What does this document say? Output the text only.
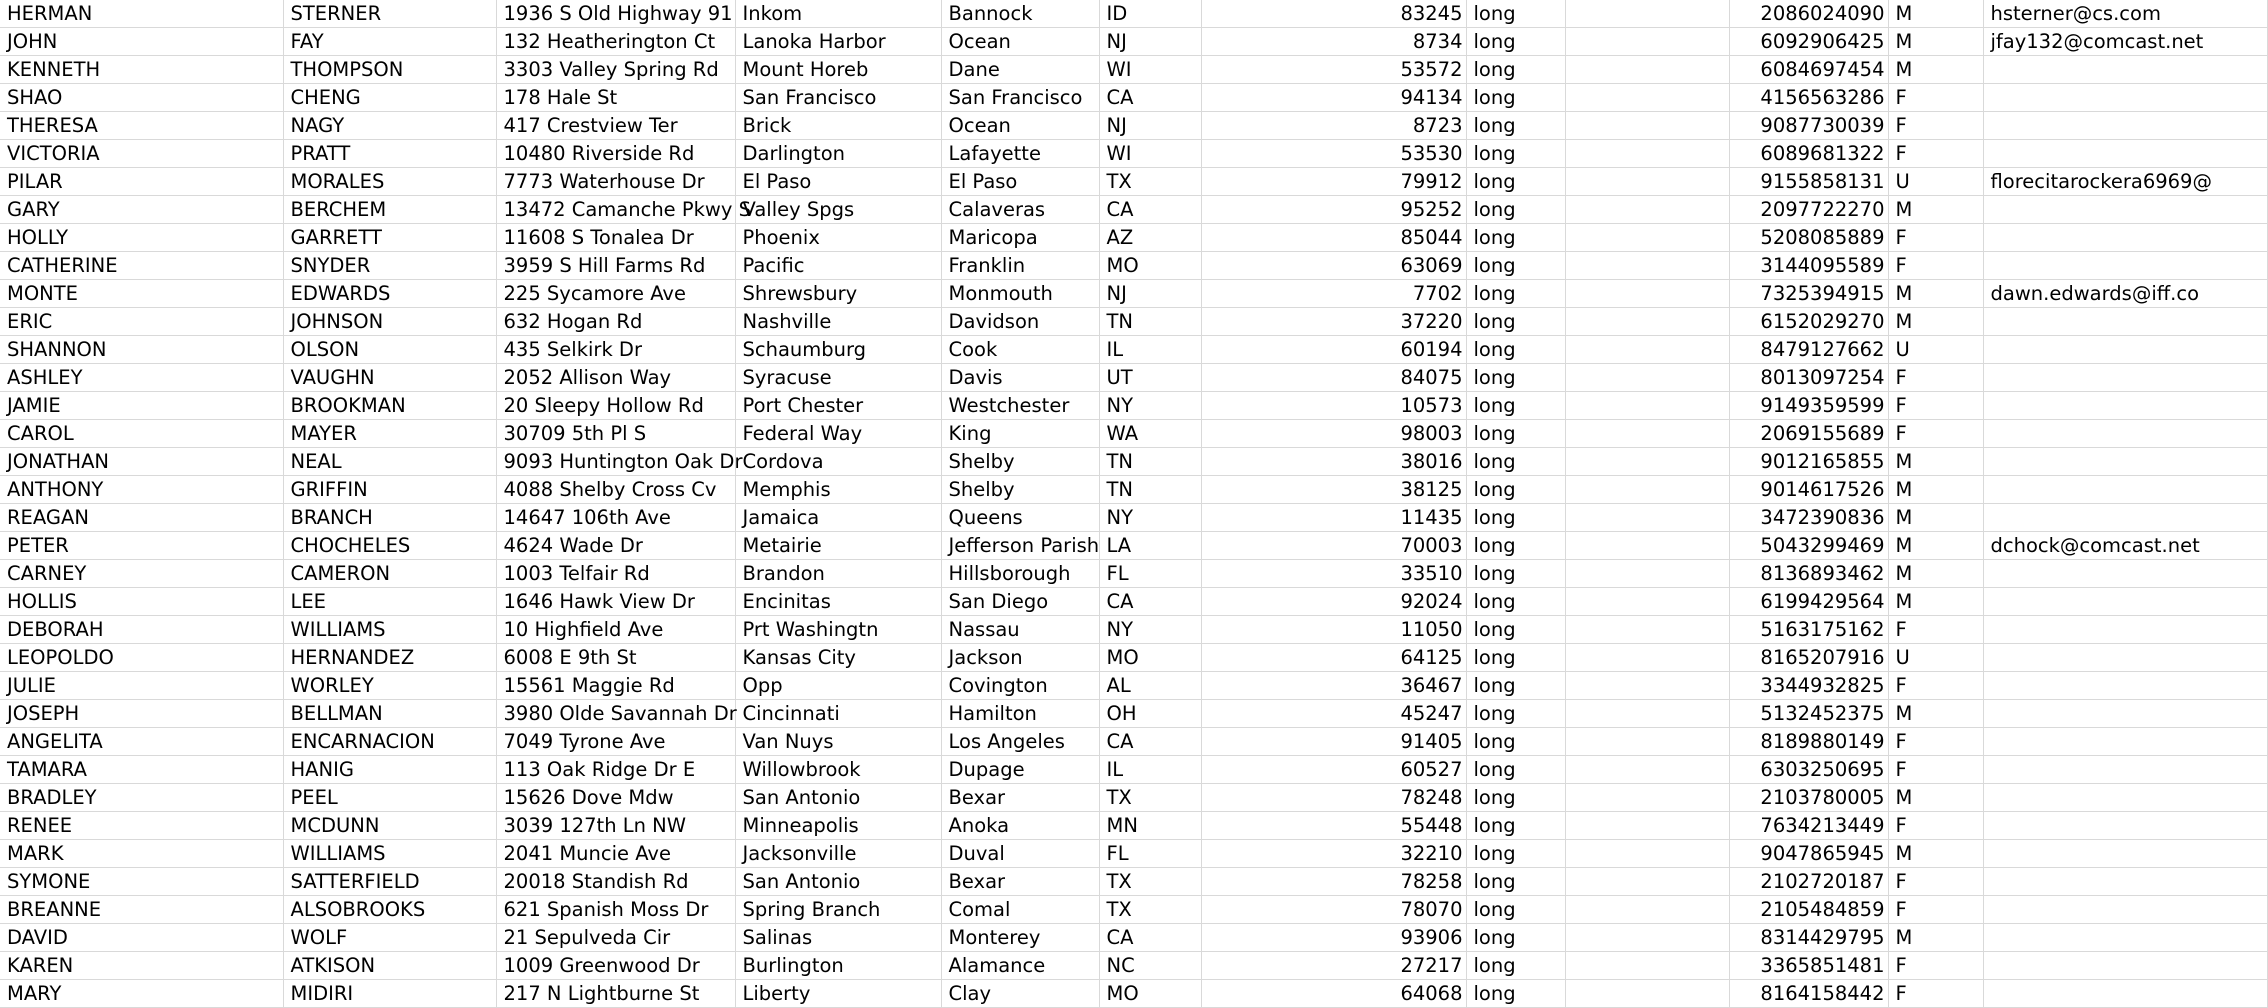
HERMAN	STERNER	1936 S Old Highway 91	Inkom	Bannock	ID	83245	long		2086024090	M	hsterner@cs.com
JOHN	FAY	132 Heatherington Ct	Lanoka Harbor	Ocean	NJ	8734	long		6092906425	M	jfay132@comcast.net
KENNETH	THOMPSON	3303 Valley Spring Rd	Mount Horeb	Dane	WI	53572	long		6084697454	M	
SHAO	CHENG	178 Hale St	San Francisco	San Francisco	CA	94134	long		4156563286	F	
THERESA	NAGY	417 Crestview Ter	Brick	Ocean	NJ	8723	long		9087730039	F	
VICTORIA	PRATT	10480 Riverside Rd	Darlington	Lafayette	WI	53530	long		6089681322	F	
PILAR	MORALES	7773 Waterhouse Dr	El Paso	El Paso	TX	79912	long		9155858131	U	florecitarockera6969@
GARY	BERCHEM	13472 Camanche Pkwy S	Valley Spgs	Calaveras	CA	95252	long		2097722270	M	
HOLLY	GARRETT	11608 S Tonalea Dr	Phoenix	Maricopa	AZ	85044	long		5208085889	F	
CATHERINE	SNYDER	3959 S Hill Farms Rd	Pacific	Franklin	MO	63069	long		3144095589	F	
MONTE	EDWARDS	225 Sycamore Ave	Shrewsbury	Monmouth	NJ	7702	long		7325394915	M	dawn.edwards@iff.co
ERIC	JOHNSON	632 Hogan Rd	Nashville	Davidson	TN	37220	long		6152029270	M	
SHANNON	OLSON	435 Selkirk Dr	Schaumburg	Cook	IL	60194	long		8479127662	U	
ASHLEY	VAUGHN	2052 Allison Way	Syracuse	Davis	UT	84075	long		8013097254	F	
JAMIE	BROOKMAN	20 Sleepy Hollow Rd	Port Chester	Westchester	NY	10573	long		9149359599	F	
CAROL	MAYER	30709 5th Pl S	Federal Way	King	WA	98003	long		2069155689	F	
JONATHAN	NEAL	9093 Huntington Oak Dr	Cordova	Shelby	TN	38016	long		9012165855	M	
ANTHONY	GRIFFIN	4088 Shelby Cross Cv	Memphis	Shelby	TN	38125	long		9014617526	M	
REAGAN	BRANCH	14647 106th Ave	Jamaica	Queens	NY	11435	long		3472390836	M	
PETER	CHOCHELES	4624 Wade Dr	Metairie	Jefferson Parish	LA	70003	long		5043299469	M	dchock@comcast.net
CARNEY	CAMERON	1003 Telfair Rd	Brandon	Hillsborough	FL	33510	long		8136893462	M	
HOLLIS	LEE	1646 Hawk View Dr	Encinitas	San Diego	CA	92024	long		6199429564	M	
DEBORAH	WILLIAMS	10 Highfield Ave	Prt Washingtn	Nassau	NY	11050	long		5163175162	F	
LEOPOLDO	HERNANDEZ	6008 E 9th St	Kansas City	Jackson	MO	64125	long		8165207916	U	
JULIE	WORLEY	15561 Maggie Rd	Opp	Covington	AL	36467	long		3344932825	F	
JOSEPH	BELLMAN	3980 Olde Savannah Dr	Cincinnati	Hamilton	OH	45247	long		5132452375	M	
ANGELITA	ENCARNACION	7049 Tyrone Ave	Van Nuys	Los Angeles	CA	91405	long		8189880149	F	
TAMARA	HANIG	113 Oak Ridge Dr E	Willowbrook	Dupage	IL	60527	long		6303250695	F	
BRADLEY	PEEL	15626 Dove Mdw	San Antonio	Bexar	TX	78248	long		2103780005	M	
RENEE	MCDUNN	3039 127th Ln NW	Minneapolis	Anoka	MN	55448	long		7634213449	F	
MARK	WILLIAMS	2041 Muncie Ave	Jacksonville	Duval	FL	32210	long		9047865945	M	
SYMONE	SATTERFIELD	20018 Standish Rd	San Antonio	Bexar	TX	78258	long		2102720187	F	
BREANNE	ALSOBROOKS	621 Spanish Moss Dr	Spring Branch	Comal	TX	78070	long		2105484859	F	
DAVID	WOLF	21 Sepulveda Cir	Salinas	Monterey	CA	93906	long		8314429795	M	
KAREN	ATKISON	1009 Greenwood Dr	Burlington	Alamance	NC	27217	long		3365851481	F	
MARY	MIDIRI	217 N Lightburne St	Liberty	Clay	MO	64068	long		8164158442	F	
